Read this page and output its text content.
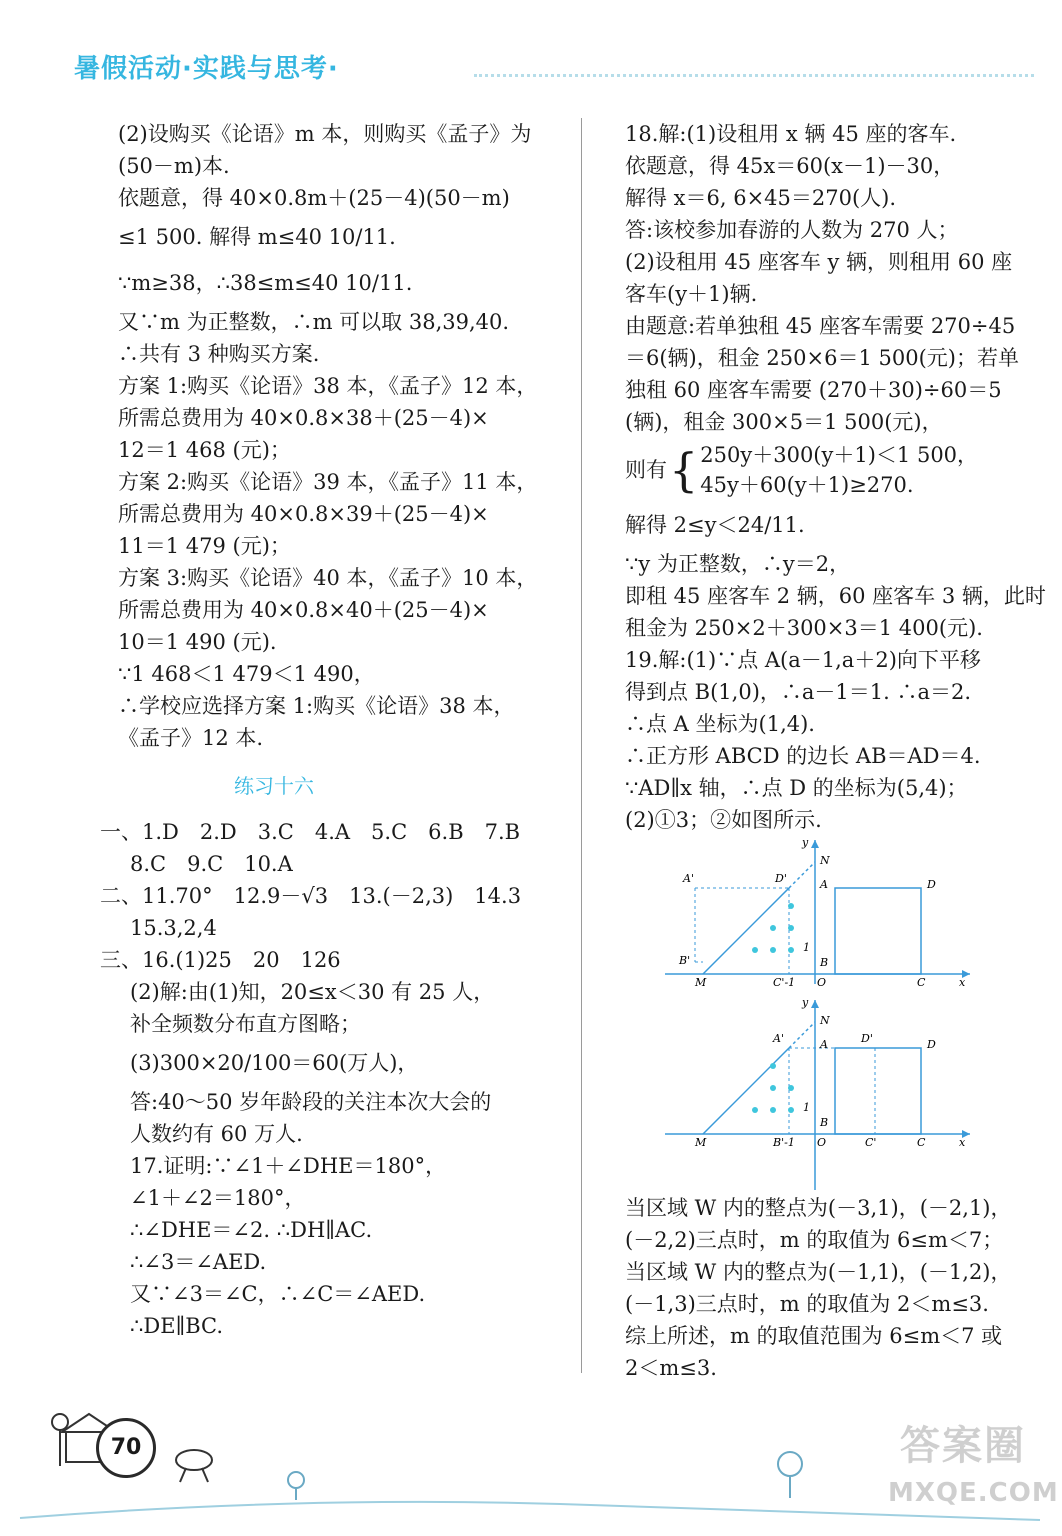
暑假活动·实践与思考·
(2)设购买《论语》m 本，则购买《孟子》为
(50－m)本.
依题意，得 40×0.8m＋(25－4)(50－m)
≤1 500. 解得 m≤40 10/11.
∵m≥38，∴38≤m≤40 10/11.
又∵m 为正整数，∴m 可以取 38,39,40.
∴共有 3 种购买方案.
方案 1:购买《论语》38 本，《孟子》12 本，
所需总费用为 40×0.8×38＋(25－4)×
12＝1 468 (元)；
方案 2:购买《论语》39 本，《孟子》11 本，
所需总费用为 40×0.8×39＋(25－4)×
11＝1 479 (元)；
方案 3:购买《论语》40 本，《孟子》10 本，
所需总费用为 40×0.8×40＋(25－4)×
10＝1 490 (元).
∵1 468＜1 479＜1 490，
∴学校应选择方案 1:购买《论语》38 本，
《孟子》12 本.
练习十六
一、1.D　2.D　3.C　4.A　5.C　6.B　7.B
8.C　9.C　10.A
二、11.70°　12.9－√3　13.(－2,3)　14.3
15.3,2,4
三、16.(1)25　20　126
(2)解:由(1)知，20≤x＜30 有 25 人，
补全频数分布直方图略；
(3)300×20/100＝60(万人)，
答:40～50 岁年龄段的关注本次大会的
人数约有 60 万人.
17.证明:∵∠1＋∠DHE＝180°，
∠1＋∠2＝180°，
∴∠DHE＝∠2. ∴DH∥AC.
∴∠3＝∠AED.
又∵∠3＝∠C，∴∠C＝∠AED.
∴DE∥BC.
18.解:(1)设租用 x 辆 45 座的客车.
依题意，得 45x＝60(x－1)－30，
解得 x＝6, 6×45＝270(人).
答:该校参加春游的人数为 270 人；
(2)设租用 45 座客车 y 辆，则租用 60 座
客车(y＋1)辆.
由题意:若单独租 45 座客车需要 270÷45
＝6(辆)，租金 250×6＝1 500(元)；若单
独租 60 座客车需要 (270＋30)÷60＝5
(辆)，租金 300×5＝1 500(元)，
则有 { 250y＋300(y＋1)＜1 500，
45y＋60(y＋1)≥270.
解得 2≤y＜24/11.
∵y 为正整数，∴y＝2，
即租 45 座客车 2 辆，60 座客车 3 辆，此时
租金为 250×2＋300×3＝1 400(元).
19.解:(1)∵点 A(a－1,a＋2)向下平移
得到点 B(1,0)，∴a－1＝1. ∴a＝2.
∴点 A 坐标为(1,4).
∴正方形 ABCD 的边长 AB＝AD＝4.
∵AD∥x 轴，∴点 D 的坐标为(5,4)；
(2)①3；②如图所示.
y
N
A'	D'	A	D
B'
1
B
M	C'-1 O	C	x
y
N
A'	D'
A	D
1
B
M	B'-1 O	C'	C	x
当区域 W 内的整点为(－3,1)，(－2,1)，
(－2,2)三点时，m 的取值为 6≤m＜7；
当区域 W 内的整点为(－1,1)，(－1,2)，
(－1,3)三点时，m 的取值为 2＜m≤3.
综上所述，m 的取值范围为 6≤m＜7 或
2＜m≤3.
70	答案圈
MXQE.COM
